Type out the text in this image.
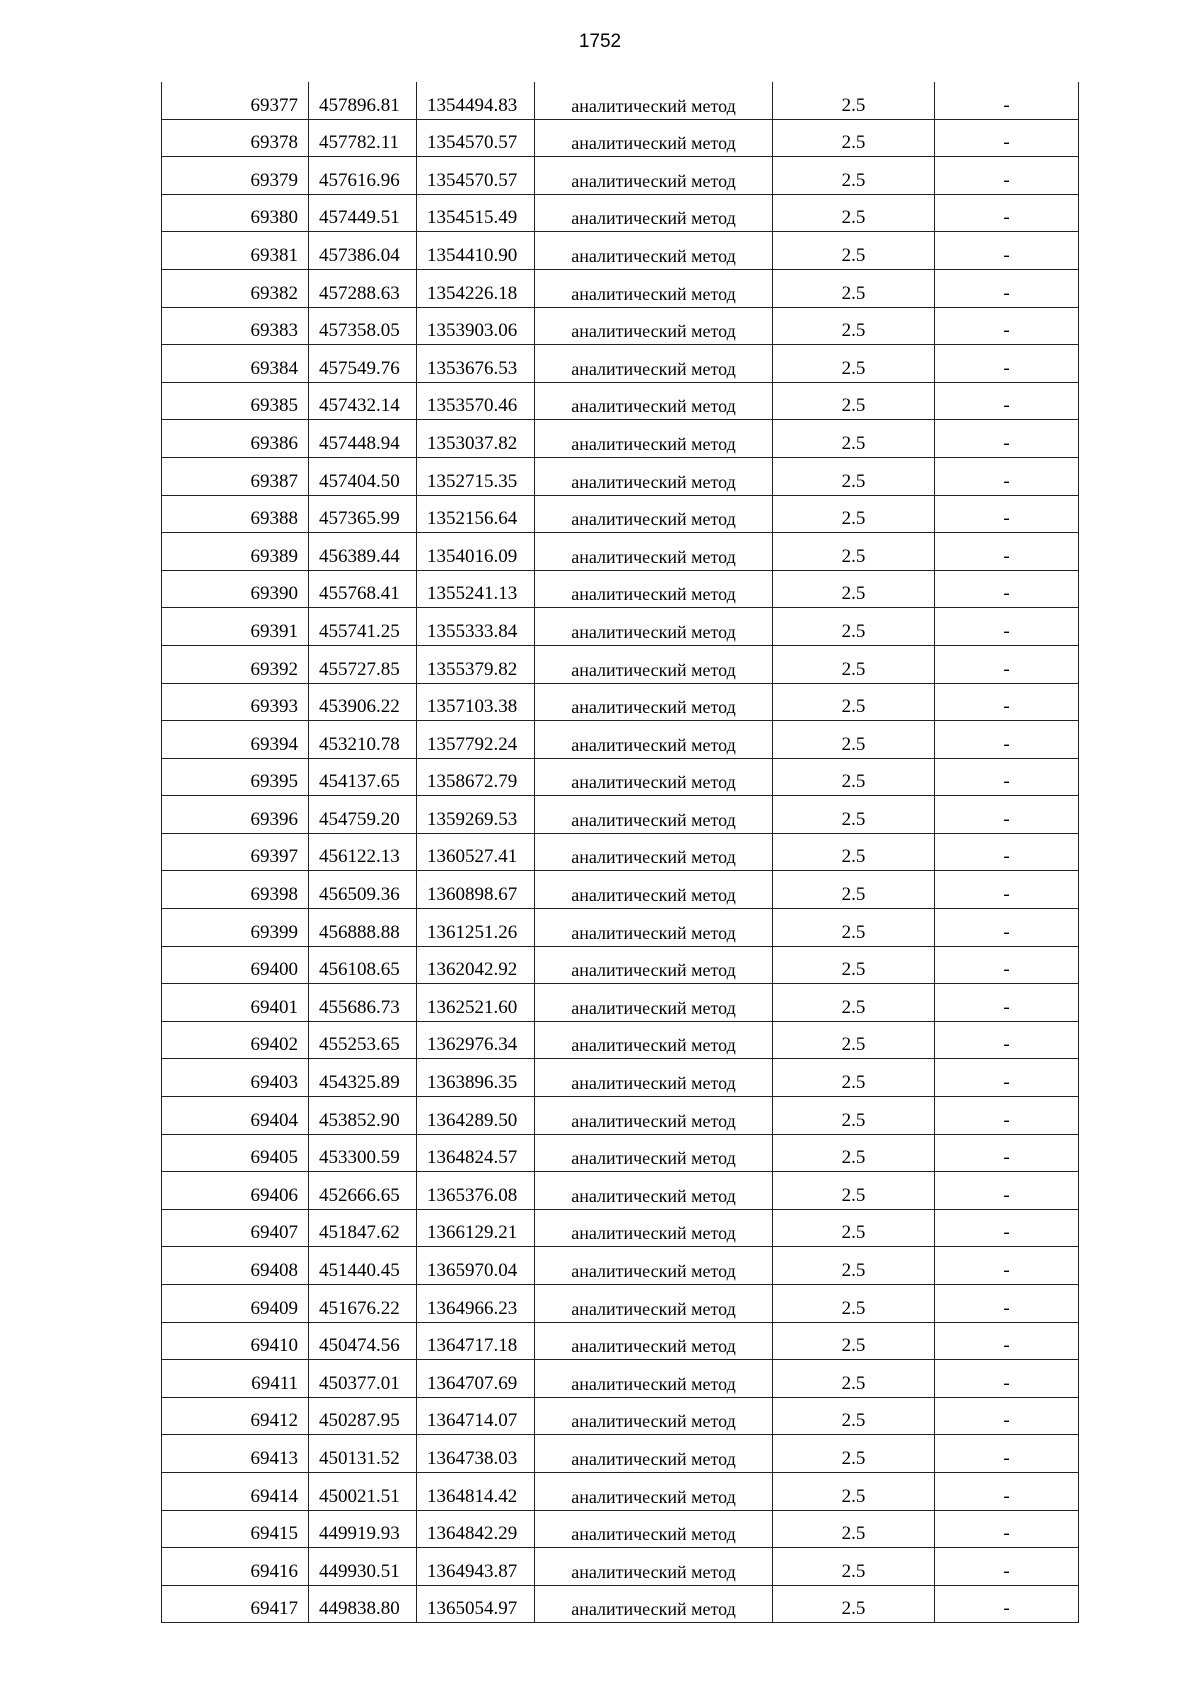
1752
69377	457896.81	1354494.83	аналитический метод	2.5	-
69378	457782.11	1354570.57	аналитический метод	2.5	-
69379	457616.96	1354570.57	аналитический метод	2.5	-
69380	457449.51	1354515.49	аналитический метод	2.5	-
69381	457386.04	1354410.90	аналитический метод	2.5	-
69382	457288.63	1354226.18	аналитический метод	2.5	-
69383	457358.05	1353903.06	аналитический метод	2.5	-
69384	457549.76	1353676.53	аналитический метод	2.5	-
69385	457432.14	1353570.46	аналитический метод	2.5	-
69386	457448.94	1353037.82	аналитический метод	2.5	-
69387	457404.50	1352715.35	аналитический метод	2.5	-
69388	457365.99	1352156.64	аналитический метод	2.5	-
69389	456389.44	1354016.09	аналитический метод	2.5	-
69390	455768.41	1355241.13	аналитический метод	2.5	-
69391	455741.25	1355333.84	аналитический метод	2.5	-
69392	455727.85	1355379.82	аналитический метод	2.5	-
69393	453906.22	1357103.38	аналитический метод	2.5	-
69394	453210.78	1357792.24	аналитический метод	2.5	-
69395	454137.65	1358672.79	аналитический метод	2.5	-
69396	454759.20	1359269.53	аналитический метод	2.5	-
69397	456122.13	1360527.41	аналитический метод	2.5	-
69398	456509.36	1360898.67	аналитический метод	2.5	-
69399	456888.88	1361251.26	аналитический метод	2.5	-
69400	456108.65	1362042.92	аналитический метод	2.5	-
69401	455686.73	1362521.60	аналитический метод	2.5	-
69402	455253.65	1362976.34	аналитический метод	2.5	-
69403	454325.89	1363896.35	аналитический метод	2.5	-
69404	453852.90	1364289.50	аналитический метод	2.5	-
69405	453300.59	1364824.57	аналитический метод	2.5	-
69406	452666.65	1365376.08	аналитический метод	2.5	-
69407	451847.62	1366129.21	аналитический метод	2.5	-
69408	451440.45	1365970.04	аналитический метод	2.5	-
69409	451676.22	1364966.23	аналитический метод	2.5	-
69410	450474.56	1364717.18	аналитический метод	2.5	-
69411	450377.01	1364707.69	аналитический метод	2.5	-
69412	450287.95	1364714.07	аналитический метод	2.5	-
69413	450131.52	1364738.03	аналитический метод	2.5	-
69414	450021.51	1364814.42	аналитический метод	2.5	-
69415	449919.93	1364842.29	аналитический метод	2.5	-
69416	449930.51	1364943.87	аналитический метод	2.5	-
69417	449838.80	1365054.97	аналитический метод	2.5	-
